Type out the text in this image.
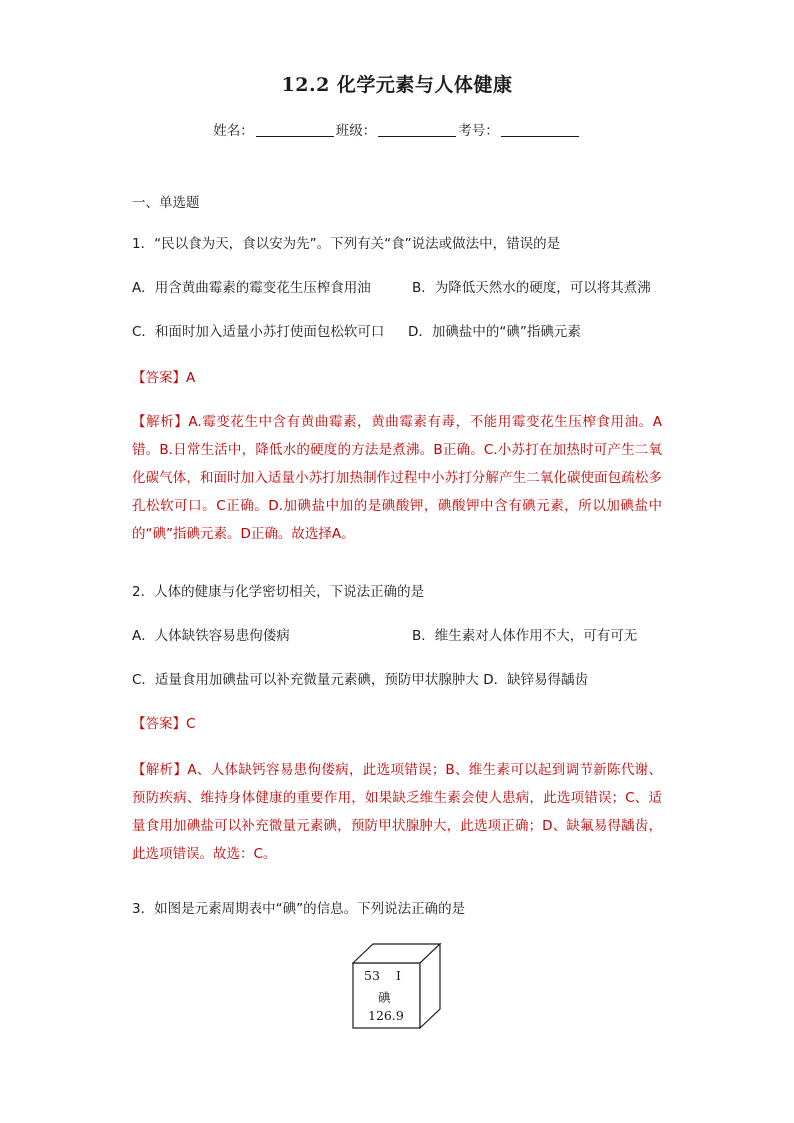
12.2 化学元素与人体健康
姓名：	班级：	考号：
一、单选题
1．“民以食为天，食以安为先”。下列有关“食”说法或做法中，错误的是
A．用含黄曲霉素的霉变花生压榨食用油	B．为降低天然水的硬度，可以将其煮沸
C．和面时加入适量小苏打使面包松软可口 D．加碘盐中的“碘”指碘元素
【答案】A
【解析】A.霉变花生中含有黄曲霉素，黄曲霉素有毒，不能用霉变花生压榨食用油。A错。B.日常生活中，降低水的硬度的方法是煮沸。B正确。C.小苏打在加热时可产生二氧化碳气体，和面时加入适量小苏打加热制作过程中小苏打分解产生二氧化碳使面包疏松多孔松软可口。C正确。D.加碘盐中加的是碘酸钾，碘酸钾中含有碘元素，所以加碘盐中的“碘”指碘元素。D正确。故选择A。
2．人体的健康与化学密切相关，下说法正确的是
A．人体缺铁容易患佝偻病	B．维生素对人体作用不大，可有可无
C．适量食用加碘盐可以补充微量元素碘，预防甲状腺肿大 D．缺锌易得龋齿
【答案】C
【解析】A、人体缺钙容易患佝偻病，此选项错误；B、维生素可以起到调节新陈代谢、预防疾病、维持身体健康的重要作用，如果缺乏维生素会使人患病，此选项错误；C、适量食用加碘盐可以补充微量元素碘，预防甲状腺肿大，此选项正确；D、缺氟易得龋齿，此选项错误。故选：C。
3．如图是元素周期表中“碘”的信息。下列说法正确的是
53 I
碘
126.9
